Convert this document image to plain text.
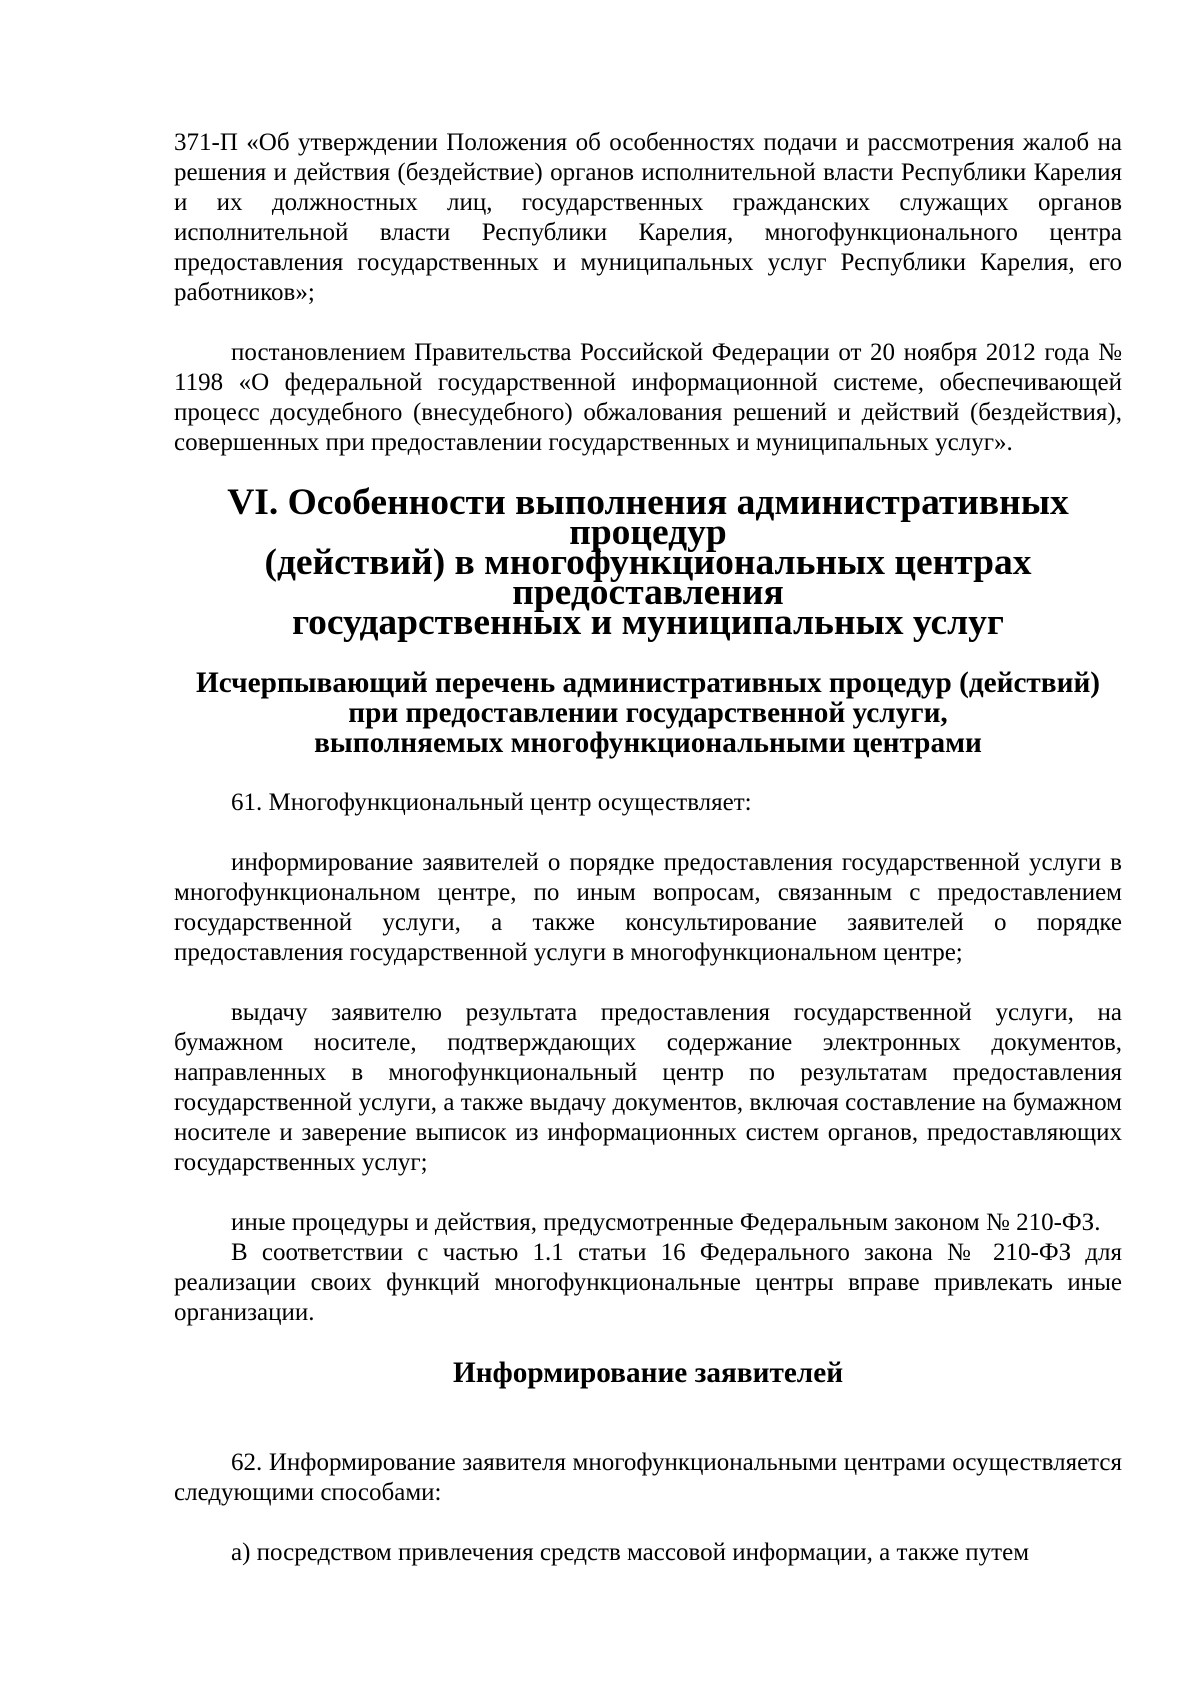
371-П «Об утверждении Положения об особенностях подачи и рассмотрения жалоб на решения и действия (бездействие) органов исполнительной власти Республики Карелия и их должностных лиц, государственных гражданских служащих органов исполнительной власти Республики Карелия, многофункционального центра предоставления государственных и муниципальных услуг Республики Карелия, его работников»;

постановлением Правительства Российской Федерации от 20 ноября 2012 года № 1198 «О федеральной государственной информационной системе, обеспечивающей процесс досудебного (внесудебного) обжалования решений и действий (бездействия), совершенных при предоставлении государственных и муниципальных услуг».

VI. Особенности выполнения административных процедур
(действий) в многофункциональных центрах предоставления
государственных и муниципальных услуг
Исчерпывающий перечень административных процедур (действий)
при предоставлении государственной услуги,
выполняемых многофункциональными центрами

61. Многофункциональный центр осуществляет:

информирование заявителей о порядке предоставления государственной услуги в многофункциональном центре, по иным вопросам, связанным с предоставлением государственной услуги, а также консультирование заявителей о порядке предоставления государственной услуги в многофункциональном центре;

выдачу заявителю результата предоставления государственной услуги, на бумажном носителе, подтверждающих содержание электронных документов, направленных в многофункциональный центр по результатам предоставления государственной услуги, а также выдачу документов, включая составление на бумажном носителе и заверение выписок из информационных систем органов, предоставляющих государственных услуг;

иные процедуры и действия, предусмотренные Федеральным законом № 210-ФЗ.

В соответствии с частью 1.1 статьи 16 Федерального закона № 210-ФЗ для реализации своих функций многофункциональные центры вправе привлекать иные организации.

Информирование заявителей

62. Информирование заявителя многофункциональными центрами осуществляется следующими способами:

а) посредством привлечения средств массовой информации, а также путем
